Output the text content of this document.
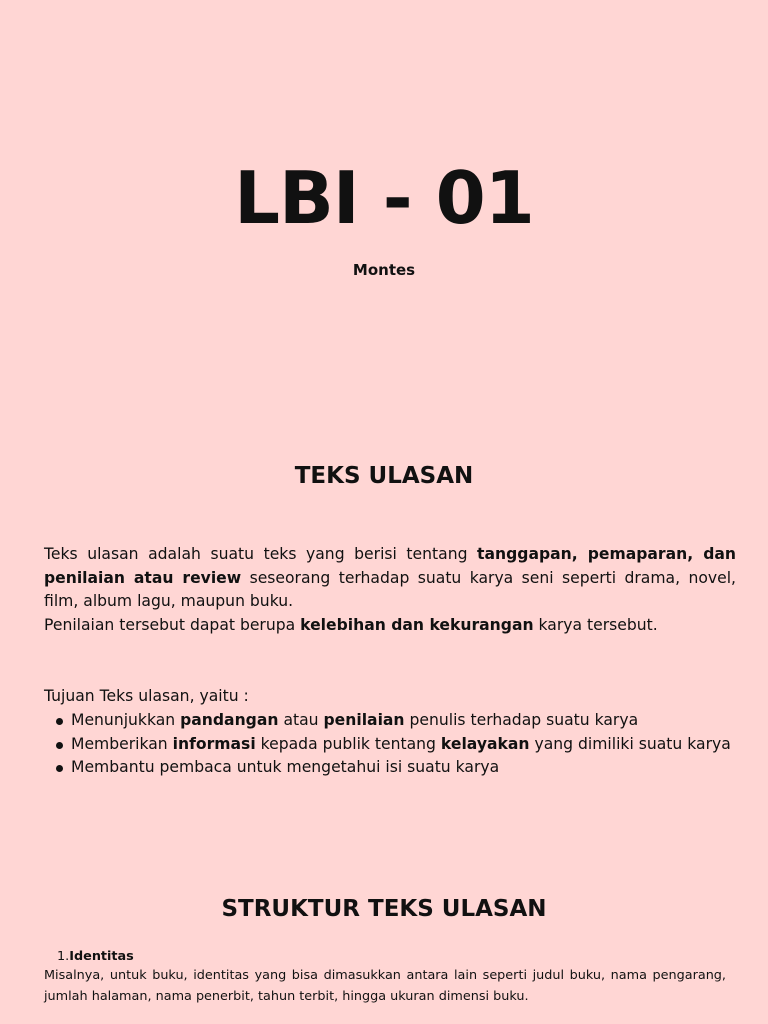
LBI - 01
Montes
TEKS ULASAN

Teks ulasan adalah suatu teks yang berisi tentang tanggapan, pemaparan, dan penilaian atau review seseorang terhadap suatu karya seni seperti drama, novel, film, album lagu, maupun buku.

Penilaian tersebut dapat berupa kelebihan dan kekurangan karya tersebut.

Tujuan Teks ulasan, yaitu :

Menunjukkan pandangan atau penilaian penulis terhadap suatu karya
Memberikan informasi kepada publik tentang kelayakan yang dimiliki suatu karya
Membantu pembaca untuk mengetahui isi suatu karya
STRUKTUR TEKS ULASAN
1.Identitas

Misalnya, untuk buku, identitas yang bisa dimasukkan antara lain seperti judul buku, nama pengarang, jumlah halaman, nama penerbit, tahun terbit, hingga ukuran dimensi buku.
